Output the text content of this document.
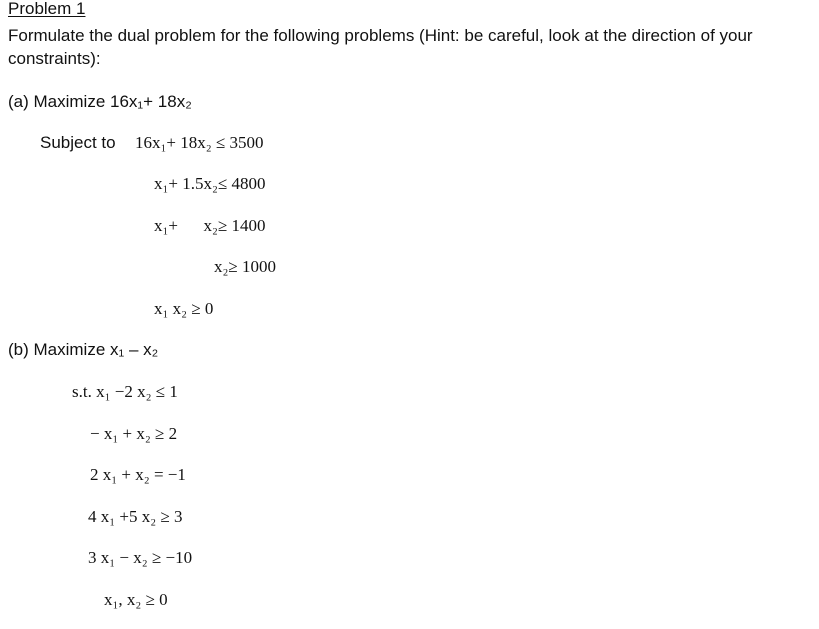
Problem 1
Formulate the dual problem for the following problems (Hint: be careful, look at the direction of your constraints):
(a) Maximize 16x₁+ 18x₂
Subject to 16x₁+ 18x₂ ≤ 3500
x₁+ 1.5x₂≤ 4800
x₁+      x₂≥ 1400
x₂≥ 1000
x₁ x₂ ≥ 0
(b) Maximize x₁ – x₂
s.t. x₁ −2 x₂ ≤ 1
− x₁ + x₂ ≥ 2
2 x₁ + x₂ = −1
4 x₁ +5 x₂ ≥ 3
3 x₁ − x₂ ≥ −10
x₁, x₂ ≥ 0
